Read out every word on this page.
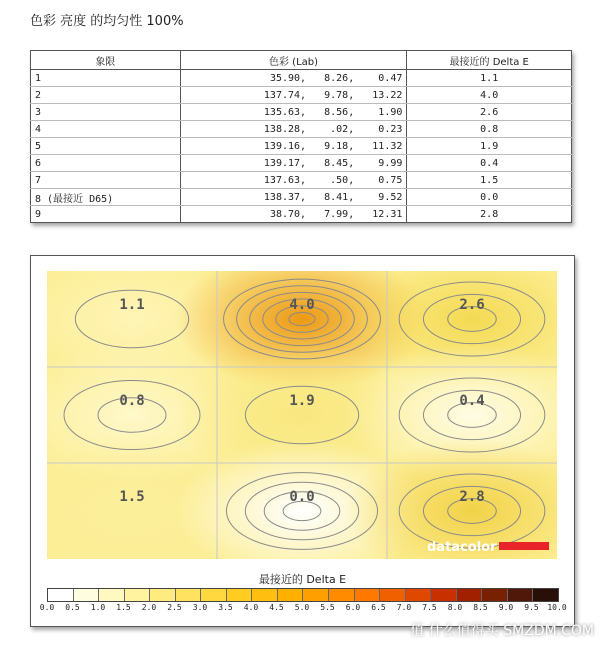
色彩 亮度 的均匀性 100%
象限	色彩 (Lab)	最接近的 Delta E
1	35.90,   8.26,    0.47	1.1
2	137.74,   9.78,   13.22	4.0
3	135.63,   8.56,    1.90	2.6
4	138.28,    .02,    0.23	0.8
5	139.16,   9.18,   11.32	1.9
6	139.17,   8.45,    9.99	0.4
7	137.63,    .50,    0.75	1.5
8 (最接近 D65)	138.37,   8.41,    9.52	0.0
9	38.70,   7.99,   12.31	2.8
1.1	4.0	2.6
0.8	1.9	0.4
1.5	0.0	2.8
datacolor
最接近的 Delta E
0.0 0.5 1.0 1.5 2.0 2.5 3.0 3.5 4.0 4.5 5.0 5.5 6.0 6.5 7.0 7.5 8.0 8.5 9.0 9.5 10.0
值 什么值得买 SMZDM.COM
